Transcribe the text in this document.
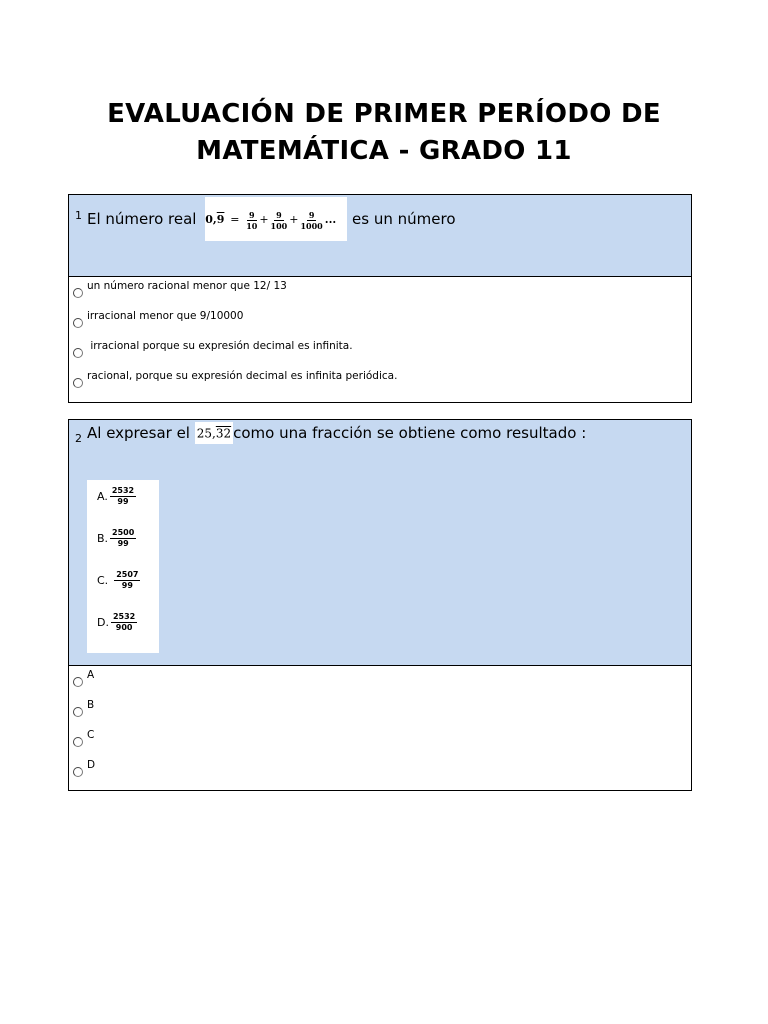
EVALUACIÓN DE PRIMER PERÍODO DE
MATEMÁTICA - GRADO 11
1 El número real $0,9 = \frac{9}{10} + \frac{9}{100} + \frac{9}{1000}$ ... es un número
un número racional menor que 12/ 13
irracional menor que 9/10000
irracional porque su expresión decimal es infinita.
racional, porque su expresión decimal es infinita periódica.
2 Al expresar el 25,32 como una fracción se obtiene como resultado :
A. $\frac{2532}{99}$
B. $\frac{2500}{99}$
C. $\frac{2507}{99}$
D. $\frac{2532}{900}$
A
B
C
D
